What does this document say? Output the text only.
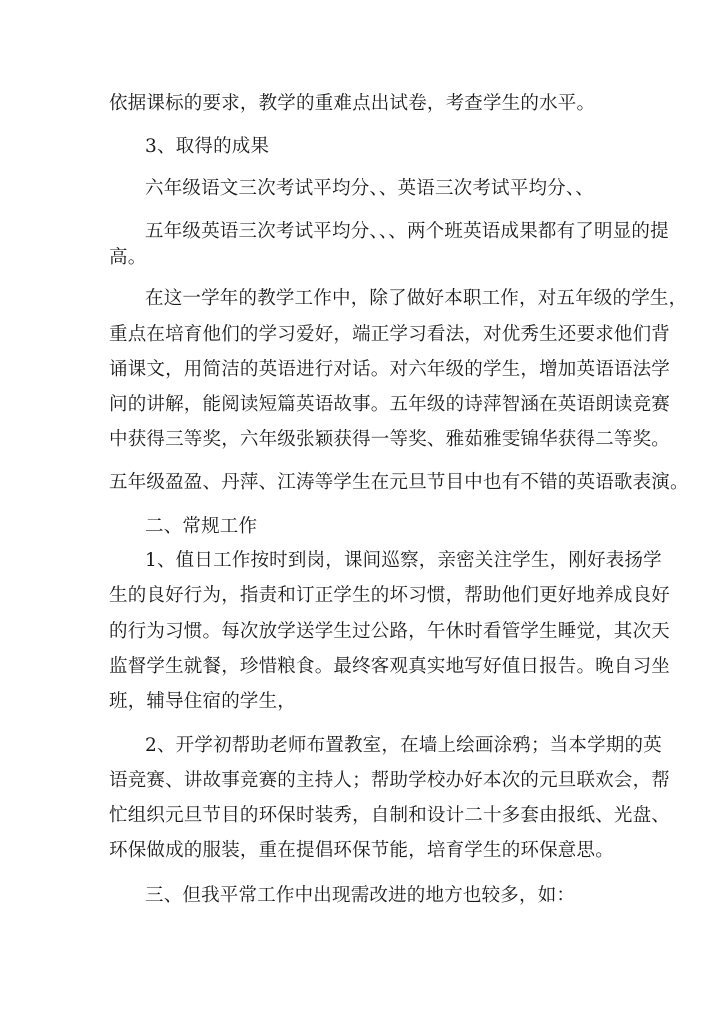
依据课标的要求，教学的重难点出试卷，考查学生的水平。
3、取得的成果
六年级语文三次考试平均分、、英语三次考试平均分、、
五年级英语三次考试平均分、、、两个班英语成果都有了明显的提
高。
在这一学年的教学工作中，除了做好本职工作，对五年级的学生，
重点在培育他们的学习爱好，端正学习看法，对优秀生还要求他们背
诵课文，用简洁的英语进行对话。对六年级的学生，增加英语语法学
问的讲解，能阅读短篇英语故事。五年级的诗萍智涵在英语朗读竞赛
中获得三等奖，六年级张颖获得一等奖、雅茹雅雯锦华获得二等奖。
五年级盈盈、丹萍、江涛等学生在元旦节目中也有不错的英语歌表演。
二、常规工作
1、值日工作按时到岗，课间巡察，亲密关注学生，刚好表扬学
生的良好行为，指责和订正学生的坏习惯，帮助他们更好地养成良好
的行为习惯。每次放学送学生过公路，午休时看管学生睡觉，其次天
监督学生就餐，珍惜粮食。最终客观真实地写好值日报告。晚自习坐
班，辅导住宿的学生，
2、开学初帮助老师布置教室，在墙上绘画涂鸦；当本学期的英
语竞赛、讲故事竞赛的主持人；帮助学校办好本次的元旦联欢会，帮
忙组织元旦节目的环保时装秀，自制和设计二十多套由报纸、光盘、
环保做成的服装，重在提倡环保节能，培育学生的环保意思。
三、但我平常工作中出现需改进的地方也较多，如：
